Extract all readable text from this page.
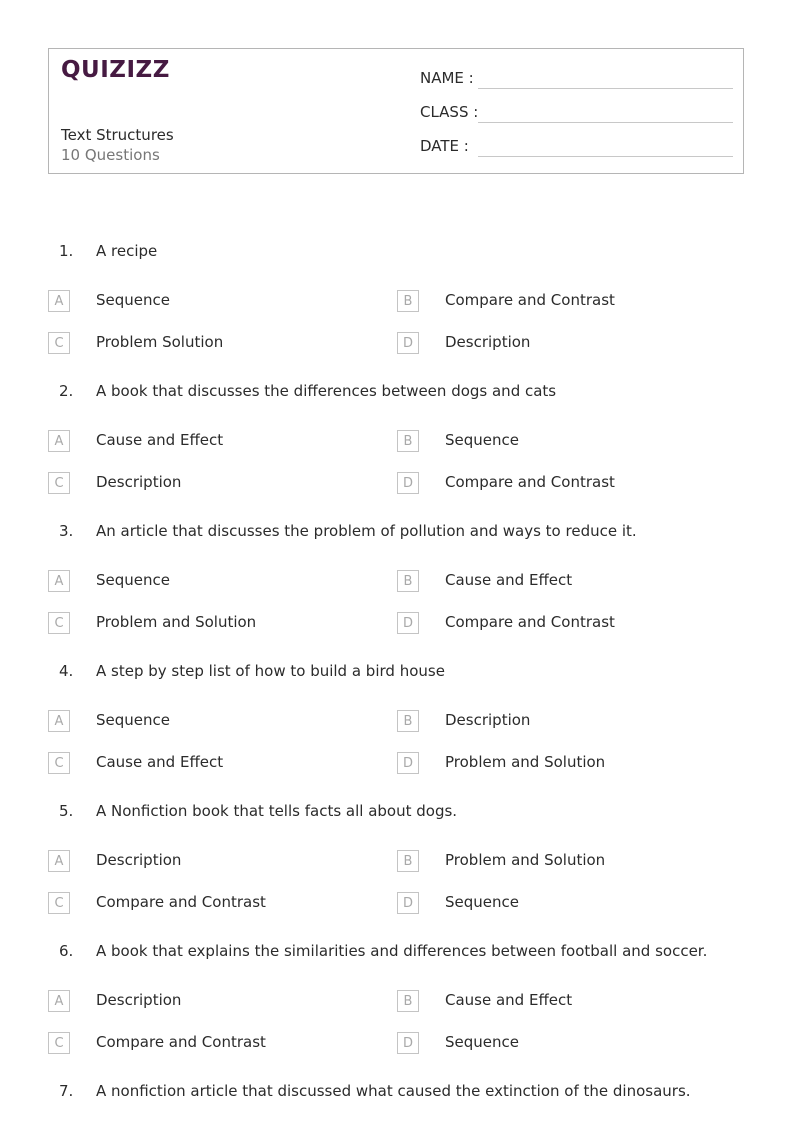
QUIZIZZ
Text Structures
10 Questions
NAME :
CLASS :
DATE :
1. A recipe
A	Sequence	B	Compare and Contrast
C	Problem Solution	D	Description
2. A book that discusses the differences between dogs and cats
A	Cause and Effect	B	Sequence
C	Description	D	Compare and Contrast
3. An article that discusses the problem of pollution and ways to reduce it.
A	Sequence	B	Cause and Effect
C	Problem and Solution	D	Compare and Contrast
4. A step by step list of how to build a bird house
A	Sequence	B	Description
C	Cause and Effect	D	Problem and Solution
5. A Nonfiction book that tells facts all about dogs.
A	Description	B	Problem and Solution
C	Compare and Contrast	D	Sequence
6. A book that explains the similarities and differences between football and soccer.
A	Description	B	Cause and Effect
C	Compare and Contrast	D	Sequence
7. A nonfiction article that discussed what caused the extinction of the dinosaurs.
